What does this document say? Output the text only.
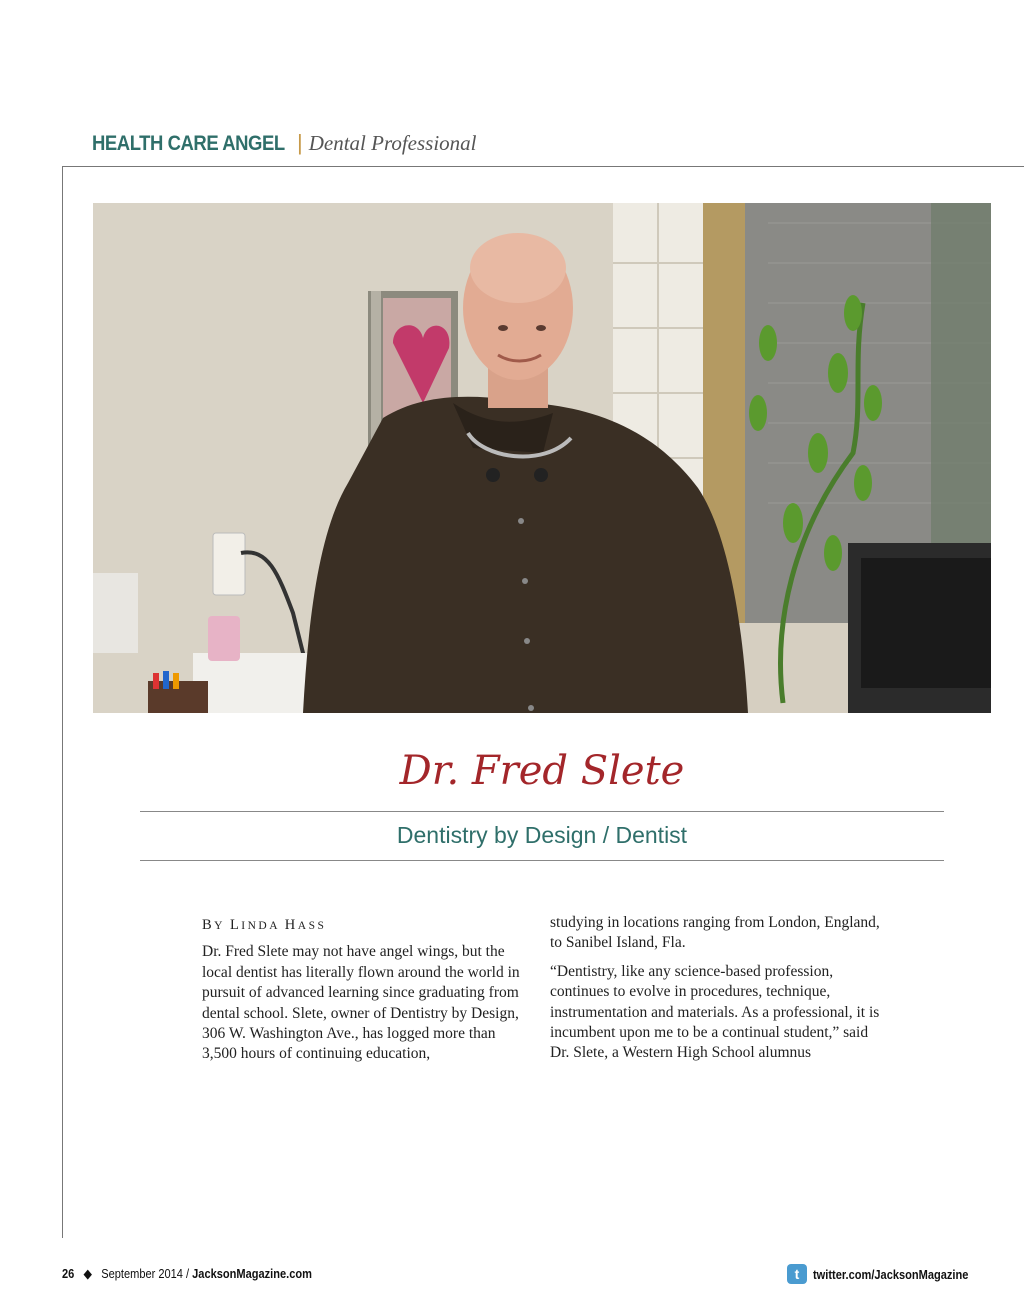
HEALTH CARE ANGEL | Dental Professional
Dr. Fred Slete
Dentistry by Design / Dentist
BY LINDA HASS

Dr. Fred Slete may not have angel wings, but the local dentist has literally flown around the world in pursuit of advanced learning since graduating from dental school. Slete, owner of Dentistry by Design, 306 W. Washington Ave., has logged more than 3,500 hours of continuing education,

studying in locations ranging from London, England, to Sanibel Island, Fla.

“Dentistry, like any science-based profession, continues to evolve in procedures, technique, instrumentation and materials. As a professional, it is incumbent upon me to be a continual student,” said Dr. Slete, a Western High School alumnus

26 ◆ September 2014 / JacksonMagazine.com	t	twitter.com/JacksonMagazine
